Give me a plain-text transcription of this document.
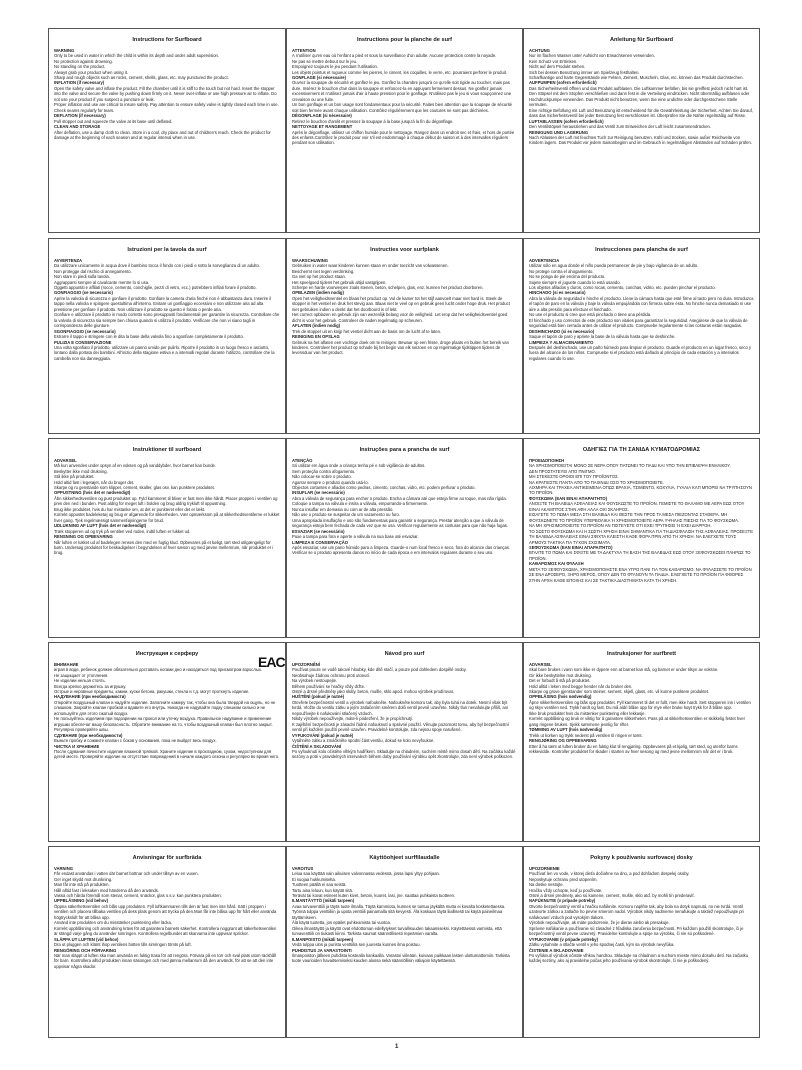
Instructions for Surfboard

WARNING

Only to be used in water in which the child is within its depth and under adult supervision.

No protection against drowning.

No standing on the product.

Always grab your product when using it.

Sharp and rough objects such as rocks, cement, shells, glass, etc. may punctured the product.

INFLATION (if necessary)

Open the safety valve and inflate the product. Fill the chamber until it is stiff to the touch but not hard. Insert the stopper into the valve and secure the valve by pushing down firmly on it. Never over-inflate or use high pressure air to inflate. Do not use your product if you suspect a puncture or leak.

Proper inflation and use are critical to insure safety. Pay attention to ensure safety valve is tightly closed each time in use. Check seams regularly for tears.

DEFLATION (if necessary)

Pull stopper out and squeeze the valve at its base until deflated.

CLEAN AND STORAGE

After deflation, use a damp cloth to clean. Store in a cool, dry place and out of children's reach. Check the product for damage at the beginning of each season and at regular interval when in use.

Instructions pour la planche de surf

ATTENTION

A n'utiliser qu'en eau où l'enfant a pied et sous la surveillance d'un adulte. Aucune protection contre la noyade.

Ne pas se mettre debout sur le jeu.

Empoignez toujours le jeu pendant l'utilisation.

Les objets pointus et rugueux comme les pierres, le ciment, les coquilles, le verre, etc. pourraient perforer le produit.

GONFLAGE (si nécessaire)

Ouvrez la soupape de sécurité et gonflez le jeu. Gonflez la chambre jusqu'à ce qu'elle soit rigide au toucher, mais pas dure. Insérez le bouchon d'air dans la soupape et enfoncez-la en appuyant fermement dessus. Ne gonflez jamais excessivement et n'utilisez jamais d'air à haute pression pour le gonflage. N'utilisez pas le jeu si vous soupçonnez une crevaison ou une fuite.

Un bon gonflage et un bon usage sont fondamentaux pour la sécurité. Faites bien attention que la soupape de sécurité soit bien fermée avant chaque utilisation. Contrôlez régulièrement que les coutures ne sont pas déchirées.

DÉGONFLAGE (si nécessaire)

Retirez le bouchon d'amlit et pressez la soupape à la base jusqu'à la fin du dégonflage.

NETTOYAGE ET RANGEMENT

Après le dégonflage, utilisez un chiffon humide pour le nettoyage. Rangez dans un endroit sec et frais, et hors de portée des enfants.Contrôlez le produit pour voir s'il est endommagé à chaque début de saison et à des intervalles réguliers pendant son utilisation.

Anleitung für Surfboard

ACHTUNG

Nur im flachen Wasser unter Aufsicht von Erwachsenen verwenden.

Kein Schutz vor Ertrinken.

Nicht auf dem Produkt stehen.

Sich bei dessen Benutzung immer am Spielzeug festhalten.

Scharfkantige und harte Gegenstände wie Felsen, Zement, Muscheln, Glas, etc. können das Produkt durchstechen.

AUFPUMPEN (sofern erforderlich)

Das Sicherheitsventil öffnen und das Produkt aufblasen. Die Luftkammer befüllen, bis sie greiffest jedoch nicht hart ist. Den Stöpsel mit dem Stopfen verschließen und dann fest in die Verteilung eindrücken. Nicht übermäßig aufblasen oder Hochdruckpumpe verwenden. Das Produkt nicht benutzen, wenn Sie eine undichte oder durchgestochene Stelle vermuten.

Eine richtige Befüllung mit Luft und Benutzung ist entscheidend für die Gewährleistung der Sicherheit. Achten Sie darauf, dass das Sicherheitsventil bei jeder Benutzung fest verschlossen ist. Überprüfen Sie die Nähte regelmäßig auf Risse.

LUFTABLASSEN (sofern erforderlich)

Den Ventilstöpsel herausziehen und das Ventil zum Entweichen der Luft leicht zusammendrücken.

REINIGUNG UND LAGERUNG

Nach Ablassen der Luft mit feuchtes Tuch zur Reinigung benutzen. Kühl und trocken, sowie außer Reichweite von Kindern lagern. Das Produkt vor jedem Saisonbeginn und im Gebrauch in regelmäßigen Abständen auf Schäden prüfen.

Istruzioni per la tavola da surf

AVVERTENZA

Da utilizzare unicamente in acqua dove il bambino tocca il fondo con i piedi e sotto la sorveglianza di un adulto.

Non protegge dal rischio di annegamento.

Non stare in piedi sulla tavola.

Aggrapparsi sempre al cavalcante mentre lo si usa.

Oggetti appuntiti e affilati (rocce, cemento, conchiglie, pezzi di vetro, ecc.) potrebbero infilati forare il prodotto.

GONFIAGGIO (se necessario)

Aprire la valvola di sicurezza e gonfiare il prodotto. Gonfiare la camera d'aria finché non è abbastanza dura. Inserire il tappo nella valvola e spingere questultima all'interno. Evitare un gonfiaggio eccessivo e non utilizzare aria ad alta pressione per gonfiare il prodotto. Non utilizzare il prodotto se questo è forato o perde aria.

Gonfiare e utilizzare il prodotto in modo corretto sono presupposti fondamentali per garantire la sicurezza. Controllare che la valvola di sicurezza sia sempre ben chiusa quando si utilizza il prodotto. Verificare che non vi siano tagli in corrispondenza delle giunture.

SGONFIAGGIO (se necessario)

Estrarre il tappo e stringere con le dita la base della valvola fino a sgonfiare completamente il prodotto.

PULIZIA E CONSERVAZIONE

Una volta sgonfiato il prodotto, utilizzare un panno umido per pulirlo. Riporre il prodotto in un luogo fresco e asciutto, lontano dalla portata dei bambini. All'inizio della stagione estiva e a intervalli regolari durante l'utilizzo, controllare che la cambella non sia danneggiata.

Instructies voor surfplank

WAARSCHUWING

Gebruiken in water waar kinderen kunnen staan en onder toezicht van volwassenen.

Beschermt niet tegen verdrinking.

Ga niet op het product staan.

Het speelgoed tijdens het gebruik altijd vastgrijpen.

Scherpe en harde voorwerpen zoals stenen, beton, schelpen, glas, enz. kunnen het product doorboren.

OPBLAZEN (indien nodig)

Open het veiligheidsventiel en blaas het product op. Vul de kamer tot het stijf aanvoelt maar niet hard is. Steek de stopper in het ventiel en druk het stevig aan. Blaas niet te veel op en gebruik geen lucht onder hoge druk. Het product niet gebruiken indien u denkt dat het doorboord is of lekt.

Het correct opblazen en gebruik zijn van wezenlijk belang voor de veiligheid. Let erop dat het veiligheidsventiel goed dicht is voor het gebruik. Controleer de naden regelmatig op scheuren.

AFLATEN (indien nodig)

Trek de stopper uit en knijp het ventiel dicht aan de basis om de lucht af te laten.

REINIGING EN OPSLAG

Gebruik na het aflaten een vochtige doek om te reinigen. Bewaar op een frisse, droge plaats en buiten het bereik van kinderen. Controleer het product op schade bij het begin van elk seizoen en op regelmatige tijdstippen tijdens de levensduur van het product.

Instrucciones para plancha de surf

ADVERTENCIA

Utilizar sólo en agua donde el niño pueda permanecer de pie y bajo vigilancia de un adulto.

No protege contra el ahogamiento.

No se ponga de pie encima del producto.

Sujete siempre el juguete cuando lo está usando.

Los objetos afilados y duros, como rocas, cemento, conchas, vidrio, etc. pueden pinchar el producto.

HINCHADO (si es necesario)

Abra la válvula de seguridad e hinche el producto. Llene la cámara hasta que esté firme al tacto pero no dura. Introduzca el tapón de paro en la válvula y baje la válvula empujándola con firmeza sobre ésta. No hinche nunca demasiado ni use aire a alta presión para efectuar el hinchado.

No use el producto si cree que está pinchado o tiene una pérdida.

El hinchado y uso correctos de este producto son vitales para garantizar la seguridad. Asegúrese de que la válvula de seguridad está bien cerrada antes de utilizar el producto. Compruebe regularmente si las costuras están rasgadas.

DESHINCHADO (si es necesario)

Saque el tapón de paro y apriete la base de la válvula hasta que se deshinche.

LIMPIEZA Y ALMACENAMIENTO

Después del deshinchado, use un paño húmedo para limpiar el producto. Guarde el producto en un lugar fresco, seco y fuera del alcance de los niños. Compruebe si el producto está dañado al principio de cada estación y a intervalos regulares cuando lo use.

Instruktioner til surfboard

ADVARSEL

Må kun anvendes under opsyn af en voksen og på vanddybder, hvor barnet kan bunde.

Beskytter ikke mod drukning.

Stå ikke på produktet.

Hold altid fast i legetøjet, når du bruger det.

Skarpe og ru genstande som klipper, cement, skaller, glas osv. kan punktere produktet.

OPPUSTNING (hvis det er nødvendigt)

Åbn sikkerhedsventilen og pust produktet op. Fyld kammeret til bliver er fast men ikke hårdt. Placer proppen i ventilen og pres den ned i bunden. Pust aldrig for meget luft i bolden og brug aldrig trykluft til oppustning.

Brug ikke produktet, hvis du har mistanke om, at det er punkteret eller det er lækt.

Korrekt oppustet badeleketøj og brug er afgørende for sikkerheden. Vær opmærksom på at sikkerhedsventilerne er lukket hver gang. Tjek regelmæssigt sammenføjningerne for brud.

UDLUKNING AF LUFT (hvis det er nødvendigt)

Træk stopperen ud og tryk på ventilen ved roden, indtil luften er lukket ud.

RENSNING OG OPBEVARING

Når luften er lukket ud af badelegen renses den med en fugtig klud. Opbevares på et køligt, tørt sted utilgængeligt for børn. Undersøg produktet for beskadigelser i begyndelsen af hver sæson og med jævne mellemrum, når produktet er i brug.

Instruções para a prancha de surf

ATENÇÃO

Só utilizar em água onde a criança tenha pé e sob vigilância de adultos.

Sem proteção contra afogamento.

Não colocar-se sobre o produto.

Agarrar sempre o produto quando usá-lo.

Objectos cortantes e afiados como pedras, cimento, conchas, vidro, etc. podem perfurar o produto.

INSUFLAR (se necessário)

Abra a válvula de segurança para encher o produto. Encha a câmara até que esteja firme ao toque, mas não rígida. Coloque a tampa na válvula e insira a válvula, empurrando-a firmemente.

Nunca insuflar em demasia ou com ar de alta pressão.

Não use o produto se suspeitar de um vazamento ou furo.

Uma apropriada insuflação e uso são fundamentais para garantir a segurança. Prestar atenção a que a válvula de segurança esteja bem fechada de cada vez que se usa. Verificar regularmente as costuras para que não haja fugas.

ESVAZIAR (se necessário)

Puxe a tampa para fora e aperte a válvula na sua base até esvaziar.

LIMPEZA E CONSERVAÇÃO

Após esvaziar, use um pano húmido para a limpeza. Guarde-o num local fresco e seco, fora do alcance das crianças. Verificar se o produto apresenta danos no início de cada época e em intervalos regulares durante o seu uso.

ΟΔΗΓΙΕΣ ΓΙΑ ΤΗ ΣΑΝΙΔΑ ΚΥΜΑΤΟΔΡΟΜΙΑΣ

ΠΡΟΕΙΔΟΠΟΙΗΣΗ

ΝΑ ΧΡΗΣΙΜΟΠΟΙΕΙΤΑΙ ΜΟΝΟ ΣΕ ΝΕΡΑ ΟΠΟΥ ΠΑΤΩΝΕΙ ΤΟ ΠΑΙΔΙ ΚΑΙ ΥΠΟ ΤΗΝ ΕΠΙΒΛΕΨΗ ΕΝΗΛΙΚΟΥ.

ΔΕΝ ΠΡΟΣΤΑΤΕΥΕΙ ΑΠΟ ΠΝΙΓΜΟ.

ΜΗ ΣΤΕΚΕΣΤΕ ΟΡΘΙΟΙ ΕΠΙ ΤΟΥ ΠΡΟΪΟΝΤΟΣ.

ΝΑ ΚΡΑΤΙΕΣΤΕ ΠΑΝΤΑ ΑΠΟ ΤΟ ΠΑΙΧΝΙΔΙ ΟΣΟ ΤΟ ΧΡΗΣΙΜΟΠΟΙΕΙΤΕ.

ΑΙΧΜΗΡΑ ΚΑΙ ΤΡΑΧΕΑ ΑΝΤΙΚΕΙΜΕΝΑ ΟΠΩΣ ΒΡΑΧΙΑ, ΤΣΙΜΕΝΤΟ, ΚΟΧΥΛΙΑ, ΓΥΑΛΙΑ ΚΛΠ ΜΠΟΡΕΙ ΝΑ ΤΡΥΠΗΣΟΥΝ ΤΟ ΠΡΟΪΟΝ.

ΦΟΥΣΚΩΜΑ (ΕΑΝ ΕΙΝΑΙ ΑΠΑΡΑΙΤΗΤΟ)

ΑΝΟΙΞΤΕ ΤΗ ΒΑΛΒΙΔΑ ΑΣΦΑΛΕΙΑΣ ΚΑΙ ΦΟΥΣΚΩΣΤΕ ΤΟ ΠΡΟΪΟΝ. ΓΕΜΙΣΤΕ ΤΟ ΘΑΛΑΜΟ ΜΕ ΑΕΡΑ ΕΩΣ ΟΤΟΥ ΕΙΝΑΙ ΑΚΑΜΠΤΟΣ ΣΤΗΝ ΑΦΗ ΑΛΛΑ ΟΧΙ ΣΚΛΗΡΟΣ.

ΕΙΣΑΓΕΤΕ ΤΟ ΠΩΜΑ ΜΕΣΑ ΣΤΗ ΒΑΛΒΙΔΑ ΚΑΙ ΘΕΣΤΕ ΤΗΝ ΠΡΟΣ ΤΑ ΜΕΣΑ ΠΙΕΖΟΝΤΑΣ ΣΤΑΘΕΡΑ. ΜΗ ΦΟΥΣΚΩΝΕΤΕ ΤΟ ΠΡΟΪΟΝ ΥΠΕΡΒΟΛΙΚΑ Ή ΧΡΗΣΙΜΟΠΟΙΕΙΤΕ ΑΕΡΑ ΥΨΗΛΗΣ ΠΙΕΣΗΣ ΓΙΑ ΤΟ ΦΟΥΣΚΩΜΑ.

ΝΑ ΜΗ ΧΡΗΣΙΜΟΠΟΙΕΙΤΕ ΤΟ ΠΡΟΪΟΝ ΑΝ ΠΙΣΤΕΥΕΤΕ ΟΤΙ ΕΧΕΙ ΤΡΥΠΗΣΕΙ Ή ΕΧΕΙ ΔΙΑΡΡΟΗ.

ΤΟ ΣΩΣΤΟ ΦΟΥΣΚΩΜΑ ΚΑΙ Η ΣΩΣΤΗ ΧΡΗΣΗ ΕΙΝΑΙ ΣΗΜΑΝΤΙΚΑ ΓΙΑ ΤΗ ΔΙΑΣΦΑΛΙΣΗ ΤΗΣ ΑΣΦΑΛΕΙΑΣ. ΠΡΟΣΕΞΤΕ ΤΗ ΒΑΛΒΙΔΑ ΑΣΦΑΛΕΙΑΣ ΕΙΝΑΙ ΣΦΙΧΤΑ ΚΛΕΙΣΤΗ ΚΑΘΕ ΦΟΡΑ ΠΡΙΝ ΑΠΟ ΤΗ ΧΡΗΣΗ. ΝΑ ΕΛΕΓΧΕΤΕ ΤΟΥΣ ΑΡΜΟΥΣ ΤΑΚΤΙΚΑ ΓΙΑ ΤΥΧΟΝ ΣΧΙΣΙΜΑΤΑ.

ΞΕΦΟΥΣΚΩΜΑ (ΕΑΝ ΕΙΝΑΙ ΑΠΑΡΑΙΤΗΤΟ)

ΒΓΑΛΤΕ ΤΟ ΠΩΜΑ ΚΑΙ ΣΦΙΞΤΕ ΜΕ ΤΑ ΔΑΚΤΥΛΑ ΤΗ ΒΑΣΗ ΤΗΣ ΒΑΛΒΙΔΑΣ ΕΩΣ ΟΤΟΥ ΞΕΦΟΥΣΚΩΣΕΙ ΠΛΗΡΩΣ ΤΟ ΠΡΟΪΟΝ.

ΚΑΘΑΡΙΣΜΟΣ ΚΑΙ ΦΥΛΑΞΗ

ΜΕΤΑ ΤΟ ΞΕΦΟΥΣΚΩΜΑ, ΧΡΗΣΙΜΟΠΟΙΗΣΤΕ ΕΝΑ ΥΓΡΟ ΠΑΝΙ ΓΙΑ ΤΟΝ ΚΑΘΑΡΙΣΜΟ. ΝΑ ΦΥΛΑΣΣΕΤΕ ΤΟ ΠΡΟΪΟΝ ΣΕ ΕΝΑ ΔΡΟΣΕΡΟ, ΞΗΡΟ ΜΕΡΟΣ, ΟΠΟΥ ΔΕΝ ΤΟ ΦΤΑΝΟΥΝ ΤΑ ΠΑΙΔΙΑ. ΕΛΕΓΧΕΤΕ ΤΟ ΠΡΟΪΟΝ ΓΙΑ ΦΘΟΡΕΣ ΣΤΗΝ ΑΡΧΗ ΚΑΘΕ ΕΠΟΧΗΣ ΚΑΙ ΣΕ ΤΑΚΤΙΚΑ ΔΙΑΣΤΗΜΑΤΑ ΚΑΤΑ ΤΗ ΧΡΗΣΗ.

Инструкция к серферу

ВНИМАНИЕ

играя в воде, ребенок должен обязательно доставать ногами дно и находиться под присмотром взрослых.

Не защищает от утопления.

Не изделии нельзя стоять.

Всегда крепко держитесь за игрушку.

Острые и неровные предметы, камни, куски бетона, ракушки, стекла и т.д. могут проткнуть изделие.

НАДУВАНИЕ (при необходимости)

Откройте воздушный клапан и надуйте изделие. Заполните камеру так, чтобы она была твердой на ощупь, но не слишком. Закройте клапан пробкой и вдавите его внутрь. Никогда не надувайте подку слишком сильно и не используйте для этого сжатый воздух.

Не пользуйтесь изделием при подозрении на прокол или утечку воздуха. Правильное надувание и применение игрушки обеспечат вашу безопасность. Обратите внимание на то, чтобы воздушный клапан был плотно закрыт. Регулярно проверяйте швы.

СДУВАНИЕ (при необходимости)

Выньте пробку и сожмите клапан с боков у основания, пока не выйдет весь воздух.

ЧИСТКА И ХРАНЕНИЕ

После сдувания почистите изделие влажной тряпкой. Храните изделие в прохладном, сухом, недоступном для детей месте. Проверяйте изделие на отсутствие повреждений в начале каждого сезона и регулярно во время него.

Návod pro surf

UPOZORNĚNÍ

Používat pouze ve vodě takové hloubky, kde dítě stačí, a pouze pod dohledem dospělé osoby.

Neobsahuje žádnou ochranu proti utonutí.

Na výrobek nestoupejte.

Během používání se hračky vždy držte.

Ostré a drsné předměty jako skály, beton, mušle, sklo apod. mohou výrobek prodírovat.

HUŠTĚNÍ (pokud je nutné)

Otevřete bezpečnostní ventil a výrobek nafoukněte. Nafoukněte komoru tak, aby byla tuhá na dotek. Nesmí však být tvrdá. Vložte do ventilu zátku a jejím zatlačením směrem dolů ventil pevně uzavřete. Nikdy tlun nenafukujte příliš, ani nepoužívejte k nafukování stlačený vzduch.

Nikdy výrobek nepoužívejte, máte-li podezření, že je propíchnutý.

K zajištění bezpečnosti je zásadní řádné nafouknutí a správné použití. Věnujte pozornost tomu, aby byl bezpečnostní ventil při každém použití pevně uzavřen. Pravidelně kontrolujte, zda nejsou spoje narušené.

VYFUKOVÁNÍ (pokud je nutné)

Vytáhněte zátku a zmáčkněte spodní část ventilu, dokud se kolo nevyfouknе.

ČIŠTĚNÍ A SKLADOVÁNÍ

Po vyfouknutí kolo očistěte vlhkým hadříkem. Skladujte na chladném, suchém místě mimo dosah dětí. Na začátku každé sezóny a poté v pravidelných intervalech během doby používání výrobku opět zkontrolujte, zda není výrobek poškozen.

Instruksjoner for surfbrett

ADVARSEL

Skal bare brukes i vann som ikke er dypere enn at barnet kan stå, og barnet er under tilsyn av voksne.

Gir ikke beskyttelse mot drukning.

Det er forbudt å stå på produktet.

Hold alltid i leken med begge hender når du bruker den.

Skarpe og grove gjenstander som steiner, sement, skjell, glass, etc. vil kunne punktere produktet.

OPPBLÅSING (hvis nødvendig)

Åpne sikkerhetsventilen og blås opp produktet. Fyll kammeret til det er fullt, men ikke hardt. Sett stopperen inn i ventilen og skyv ventilen ned. Trykk hardt og fast. Du må aldri blåse opp for mye eller bruke høyt trykk for å blåse opp.

Ikke bruk produktet hvis du mistenker punktering eller lekkasje.

Korrekt oppblåsing og bruk er viktig for å garantere sikkerheten. Pass på at sikkerhetsventilen er skikkelig festet hver gang ringene brukes. Sjekk sømmene jevnlig for rifter.

TØMMING AV LUFT (hvis nødvendig)

Trekk ut korken og trykk nederst på ventilen til ringen er tømt.

RENGJØRING OG OPPBEVARING

Etter å ha tømt ut luften bruker du en fuktig klut til rengjøring. Oppbevares på et kjølig, tørt sted, og utenfor barns rekkevidde. Kontroller produktet for skader i starten av hver sesong og med jevne mellomrom når det er i bruk.

Anvisningar för surfbräda

VARNING

Får endast användas i vatten där barnet bottnar och under tillsyn av en vuxen.

Ger inget skydd mot drunkning.

Man får inte stå på produkten.

Håll alltid fast i leksaken med händerna då den används.

Vassa och hårda föremål som stenar, cement, snäckor, glas o.s.v. kan punktera produkten.

UPPBLÅSNING (vid behov)

Öppna säkerhetsventilen och blås upp produkten. Fyll luftkammaren tills den är fast men inte hård. Sätt i proppen i ventilen och placera tillbaka ventilen på dess plats genom att trycka på den.Man får inte blåsa upp för hårt eller använda högtrycksluft för att blåsa upp.

Använd inte produkten om du misstänker punktering eller läcka.

Korrekt uppblåsning och användning krävs för att garantera barnets säkerhet. Kontrollera noggrant att säkerhetsventilen är stängd varje gång du använder simringen. Kontrollera regelbundet att skarvarna inte uppvisar sprickor.

SLÄPPA UT LUFTEN (vid behov)

Dra ut pluggen och klämt ihop ventilens botten tills simringen tömts på luft.

RENGÖRING OCH FÖRVARING

När man släppt ut luften ska man använda en fuktig trasa för att rengöra. Förvara på en torr och sval plats utom räckhåll för barn. Kontrollera alltid produkten innan säsongen och med jämna mellanrum då den används, för att se att den inte uppvisar några skador.

Käyttöohjeet surffilaudalle

VAROITUS

Leluа saa käyttää vain aikuisen valvonnassa vedessä, jossa lapsi yltyy pohjaan.

Ei suojaa hukkumiselta.

Tuotteen päällä ei saa seistä.

Tartu aina leluun, kun käytät sitä.

Terävät tai kovat esineet kuten kivet, betoni, kuoret, lasi, jne. saattaa puhkaista tuotteen.

ILMANTÄYTTÖ (mikäli tarpeen)

Avaa turvaventtiili ja täytä tuote ilmalla. Täytä kammiota, kunnes se tuntuu jäykältä mutta ei kovalta kosketettaessa. Työnnä tulppa venttiiliin ja upota venttiili painamalla sitä kevyesti. Älä koskaan täytä liiallisesti tai käytä paineilmaa täyttämiseen.

Älä käytä tuotetta, jos epäilet puhkeamista tai vuotoa.

Oikea ilmantäyttö ja käyttö ovat ehdottoman edellytykset turvallisuuden takaamiseksi. Käytettäessä varmista, että turvaventtiili on tiukasti kiinni. Tarkista saumat säännöllisesti repeämien varalta.

ILMANPOISTO (mikäli tarpeen)

Vedä tulppa ulos ja purista venttiiliä sen juuresta kunnes ilma poistuu.

PUHDISTUS JA VARASTOINTI

Ilmanpoiston jälkeen puhdista kostealla kankaalla. Varastoi viileään, kuivaan paikkaan lasten ulottumattomiin. Tarkista tuote vaurioiden havaitsemiseksi kauden alussa sekä säännöllisin väliajoin käytettäessä.

Pokyny k používaniu surfovacej dosky

UPOZORNENIE

Používať len vo vode, v ktorej dieťa dočiahne na dno, a pod dohľadom dospelej osoby.

Neposkytuje ochranu pred utopením.

Na doske nestojte.

Hračku vždy uchopte, keď ju používate.

Ostré a drsné predmety, ako sú kamene, cement, mušle, sklo atď. by mohli tín prederaviť.

NAFÚKNUTIE (v prípade potreby)

Otvorte bezpečnostný ventil a hračku nafúknite. Komoru naplňte tak, aby bola na dotyk napnutá, no nie tvrdá. Ventil uzatvorte zátkou a zatlačte ho pevne smerom nadol. Výrobok nikdy nadmerne nenafukujte a taktiež nepoužívajte pri nafukovaní vzduch pod vysokým tlakom.

Výrobok nepoužívajte, ak máte podozrenie, že je dierav alebo ak presakuje.

Správne nafúkanie a používanie sú zásadné z hľadiska zaručenia bezpečnosti. Pri každom použití skontrolujte, či je bezpečnostný ventil pevne uzavretý. Pravidelne kontrolujte a spoje na výrobku, či nie sú poškodené.

VYFUKOVANIE (v prípade potreby)

Zátku vytiahnite a stlačte ventil v jeho spodnej časti, kým sa výrobok nevyfúka.

ČISTENIE A SKLADOVANIE

Po vyfúknutí výrobok očistite vlhkou handrou. Skladujte na chladnom a suchom mieste mimo dosahu detí. Na začiatku každej sezóny, ako aj pravidelne počas jeho používania výrobok skontrolujte, či nie je poškodený.

EAC
1
